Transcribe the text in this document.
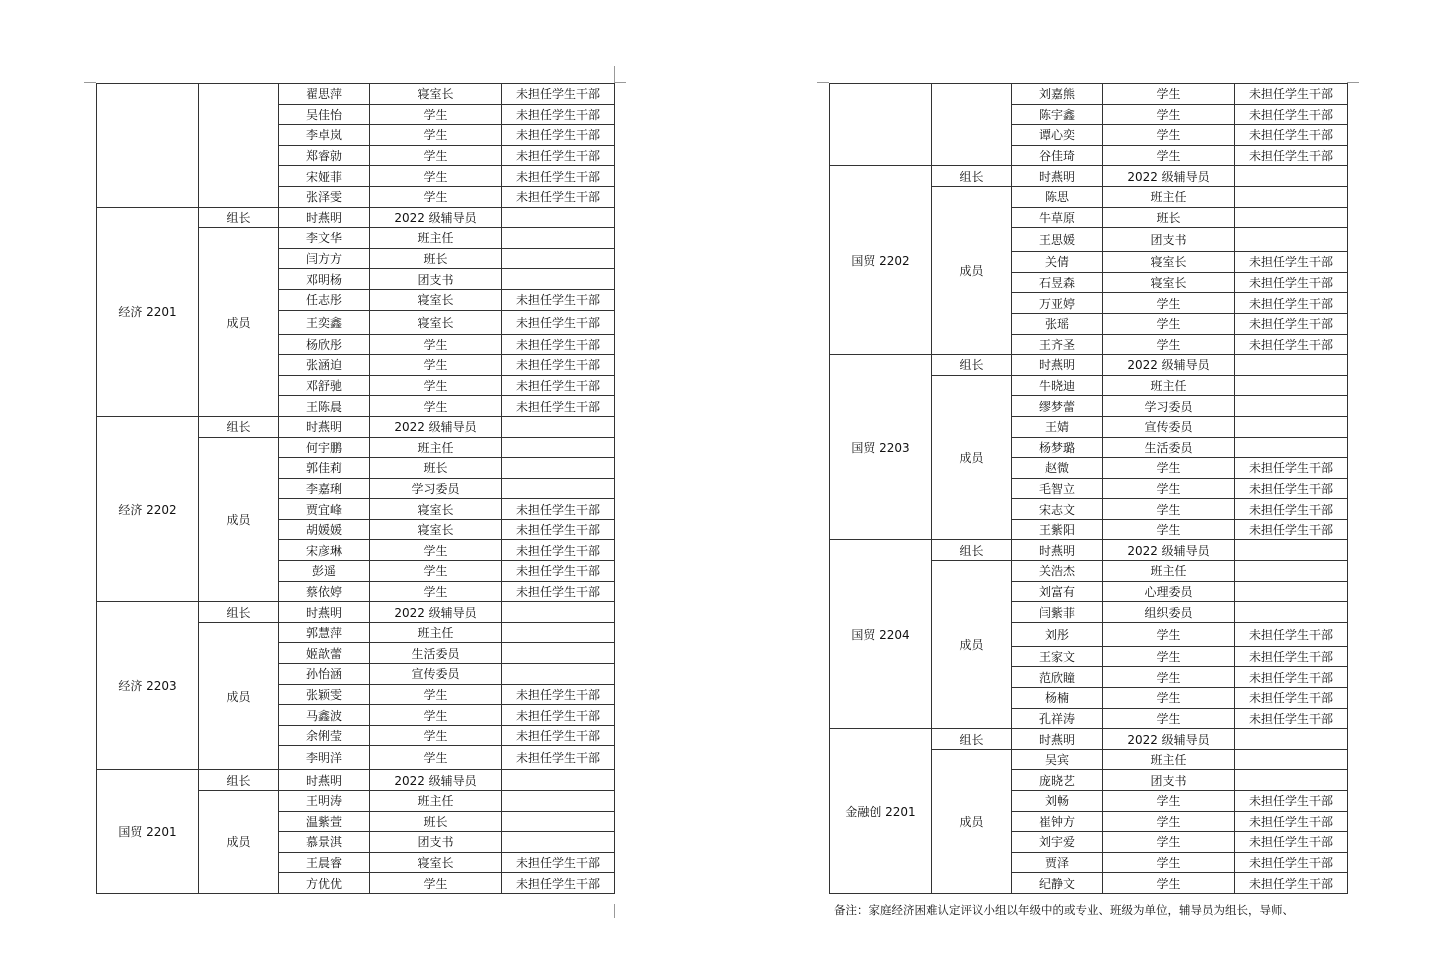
		翟思萍	寝室长	未担任学生干部
		吴佳怡	学生	未担任学生干部
		李卓岚	学生	未担任学生干部
		郑睿勍	学生	未担任学生干部
		宋娅菲	学生	未担任学生干部
		张泽雯	学生	未担任学生干部
经济 2201	组长	时燕明	2022 级辅导员	
	成员	李文华	班主任	
		闫方方	班长	
		邓明杨	团支书	
		任志彤	寝室长	未担任学生干部
		王奕鑫	寝室长	未担任学生干部
		杨欣彤	学生	未担任学生干部
		张涵迫	学生	未担任学生干部
		邓舒驰	学生	未担任学生干部
		王陈晨	学生	未担任学生干部
经济 2202	组长	时燕明	2022 级辅导员	
	成员	何宇鹏	班主任	
		郭佳莉	班长	
		李嘉琍	学习委员	
		贾宜峰	寝室长	未担任学生干部
		胡媛媛	寝室长	未担任学生干部
		宋彦琳	学生	未担任学生干部
		彭遥	学生	未担任学生干部
		蔡依婷	学生	未担任学生干部
经济 2203	组长	时燕明	2022 级辅导员	
	成员	郭慧萍	班主任	
		姬歆蕾	生活委员	
		孙怡涵	宣传委员	
		张颖雯	学生	未担任学生干部
		马鑫波	学生	未担任学生干部
		余俐莹	学生	未担任学生干部
		李明洋	学生	未担任学生干部
国贸 2201	组长	时燕明	2022 级辅导员	
	成员	王明涛	班主任	
		温紫萱	班长	
		慕景淇	团支书	
		王晨睿	寝室长	未担任学生干部
		方优优	学生	未担任学生干部
		刘嘉熊	学生	未担任学生干部
		陈宇鑫	学生	未担任学生干部
		谭心奕	学生	未担任学生干部
		谷佳琦	学生	未担任学生干部
国贸 2202	组长	时燕明	2022 级辅导员	
	成员	陈思	班主任	
		牛草原	班长	
		王思媛	团支书	
		关倩	寝室长	未担任学生干部
		石昱森	寝室长	未担任学生干部
		万亚婷	学生	未担任学生干部
		张瑶	学生	未担任学生干部
		王齐圣	学生	未担任学生干部
国贸 2203	组长	时燕明	2022 级辅导员	
	成员	牛晓迪	班主任	
		缪梦蕾	学习委员	
		王婧	宣传委员	
		杨梦璐	生活委员	
		赵微	学生	未担任学生干部
		毛智立	学生	未担任学生干部
		宋志文	学生	未担任学生干部
		王紫阳	学生	未担任学生干部
国贸 2204	组长	时燕明	2022 级辅导员	
	成员	关浩杰	班主任	
		刘富有	心理委员	
		闫紫菲	组织委员	
		刘彤	学生	未担任学生干部
		王家文	学生	未担任学生干部
		范欣瞳	学生	未担任学生干部
		杨楠	学生	未担任学生干部
		孔祥涛	学生	未担任学生干部
金融创 2201	组长	时燕明	2022 级辅导员	
	成员	吴宾	班主任	
		庞晓艺	团支书	
		刘畅	学生	未担任学生干部
		崔钟方	学生	未担任学生干部
		刘宇爱	学生	未担任学生干部
		贾泽	学生	未担任学生干部
		纪静文	学生	未担任学生干部
备注：家庭经济困难认定评议小组以年级中的或专业、班级为单位，辅导员为组长，导师、
